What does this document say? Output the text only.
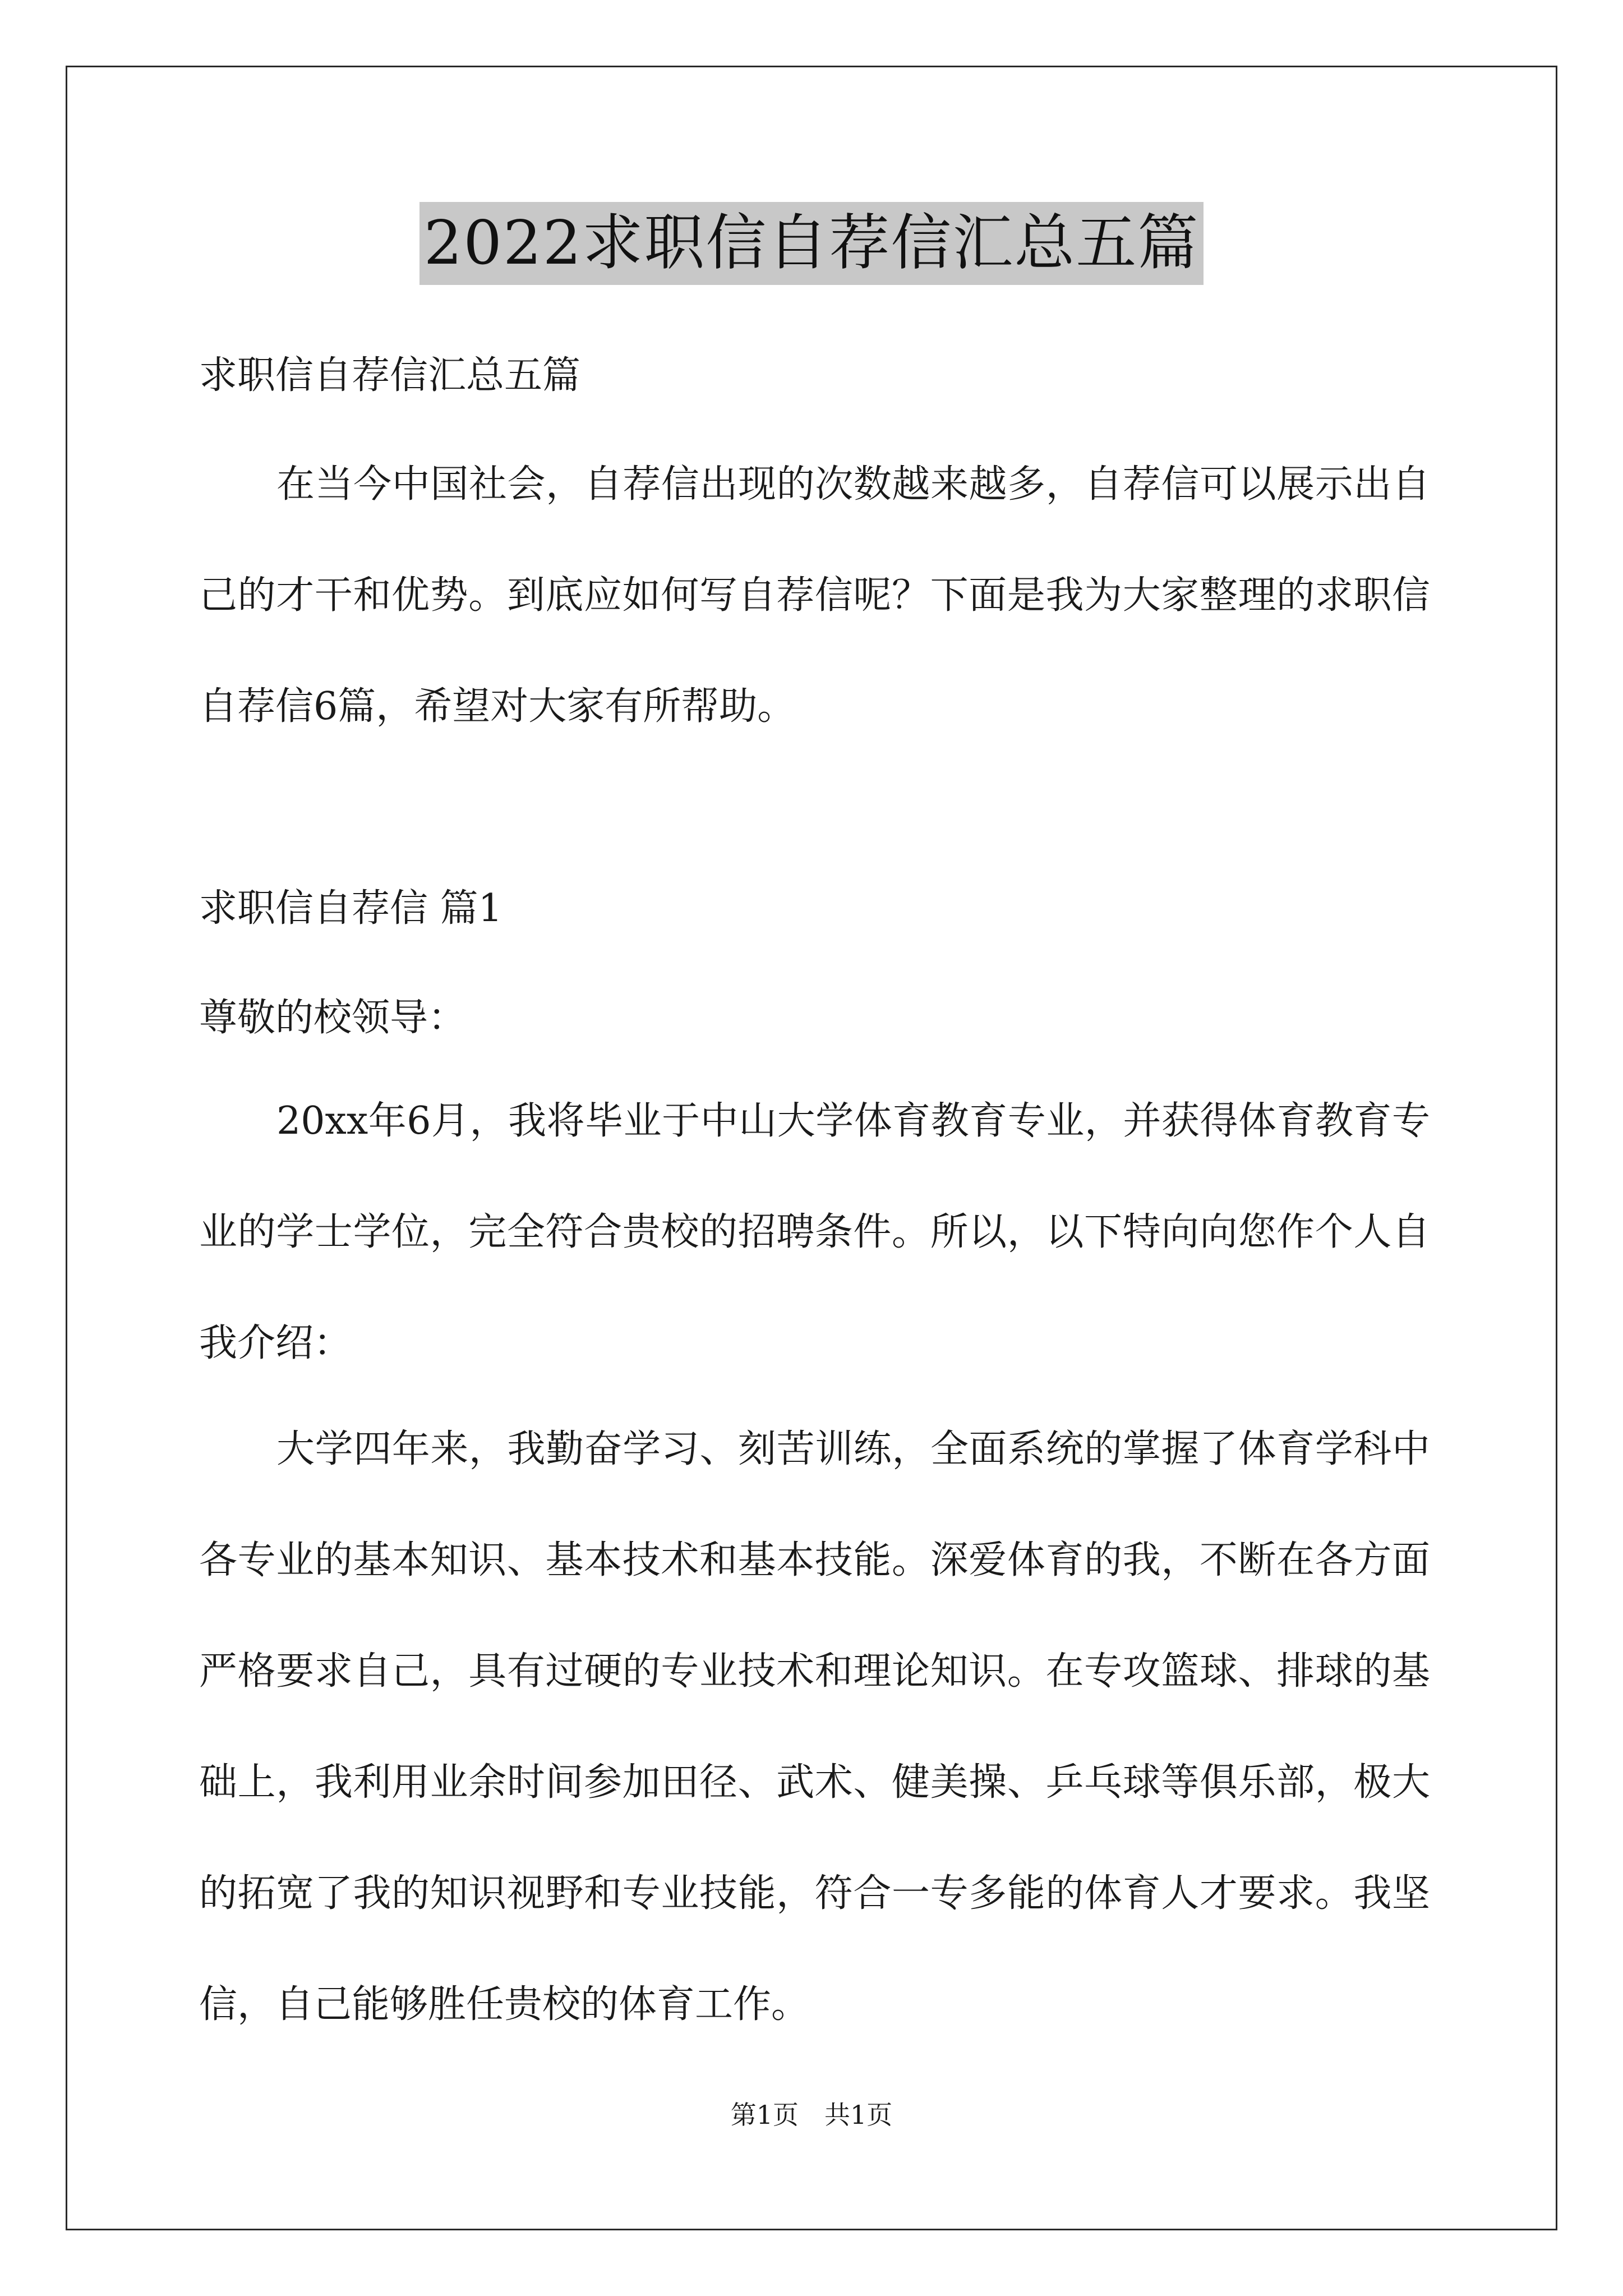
2022求职信自荐信汇总五篇
求职信自荐信汇总五篇
在当今中国社会，自荐信出现的次数越来越多，自荐信可以展示出自己的才干和优势。到底应如何写自荐信呢？下面是我为大家整理的求职信自荐信6篇，希望对大家有所帮助。
求职信自荐信 篇1
尊敬的校领导：
20xx年6月，我将毕业于中山大学体育教育专业，并获得体育教育专业的学士学位，完全符合贵校的招聘条件。所以，以下特向向您作个人自我介绍：
大学四年来，我勤奋学习、刻苦训练，全面系统的掌握了体育学科中各专业的基本知识、基本技术和基本技能。深爱体育的我，不断在各方面严格要求自己，具有过硬的专业技术和理论知识。在专攻篮球、排球的基础上，我利用业余时间参加田径、武术、健美操、乒乓球等俱乐部，极大的拓宽了我的知识视野和专业技能，符合一专多能的体育人才要求。我坚信，自己能够胜任贵校的体育工作。
第1页　共1页
